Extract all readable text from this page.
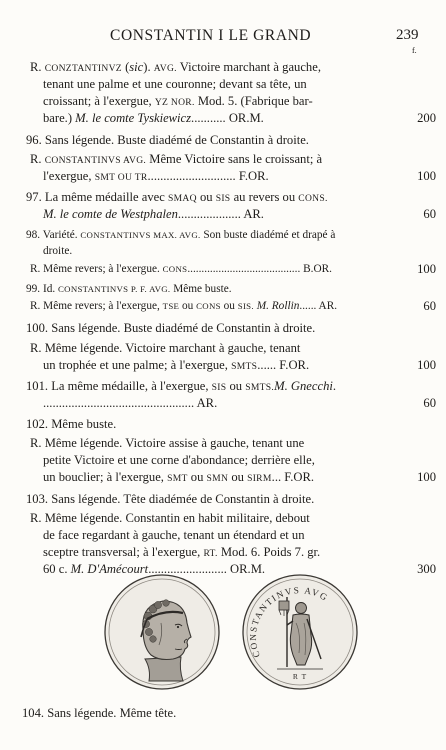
CONSTANTIN I LE GRAND	239
f.
R. CONZTANTINVZ (sic). AVG. Victoire marchant à gauche,
tenant une palme et une couronne; devant sa tête, un
croissant; à l'exergue, YZ NOR. Mod. 5. (Fabrique bar-
bare.) M. le comte Tyskiewicz........... OR.M.	200
96. Sans légende. Buste diadémé de Constantin à droite.
R. CONSTANTINVS AVG. Même Victoire sans le croissant; à
l'exergue, SMT OU TR............................ F.OR.	100
97. La même médaille avec SMAQ ou SIS au revers ou CONS.
M. le comte de Westphalen.................... AR.	60
98. Variété. CONSTANTINVS MAX. AVG. Son buste diadémé et drapé à
droite.
R. Même revers; à l'exergue. CONS........................................ B.OR.	100
99. Id. CONSTANTINVS P. F. AVG. Même buste.
R. Même revers; à l'exergue, TSE ou CONS ou SIS. M. Rollin...... AR.	60
100. Sans légende. Buste diadémé de Constantin à droite.
R. Même légende. Victoire marchant à gauche, tenant
un trophée et une palme; à l'exergue, SMTS...... F.OR.	100
101. La même médaille, à l'exergue, SIS ou SMTS.M. Gnecchi.
................................................ AR.	60
102. Même buste.
R. Même légende. Victoire assise à gauche, tenant une
petite Victoire et une corne d'abondance; derrière elle,
un bouclier; à l'exergue, SMT ou SMN ou SIRM... F.OR.	100
103. Sans légende. Tête diadémée de Constantin à droite.
R. Même légende. Constantin en habit militaire, debout
de face regardant à gauche, tenant un étendard et un
sceptre transversal; à l'exergue, RT. Mod. 6. Poids 7. gr.
60 c. M. D'Amécourt......................... OR.M.	300
CONSTANTINVS AVG
R T
104. Sans légende. Même tête.
